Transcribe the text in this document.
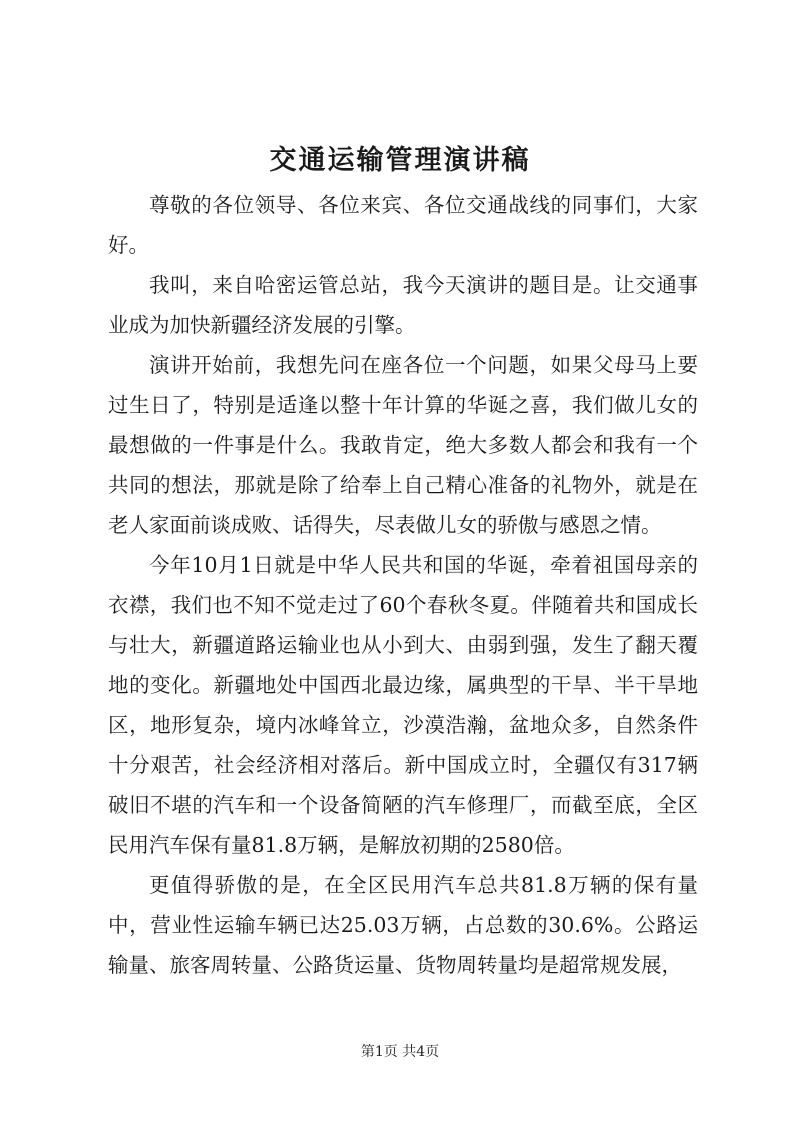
交通运输管理演讲稿

尊敬的各位领导、各位来宾、各位交通战线的同事们，大家好。

我叫，来自哈密运管总站，我今天演讲的题目是。让交通事业成为加快新疆经济发展的引擎。

演讲开始前，我想先问在座各位一个问题，如果父母马上要过生日了，特别是适逢以整十年计算的华诞之喜，我们做儿女的最想做的一件事是什么。我敢肯定，绝大多数人都会和我有一个共同的想法，那就是除了给奉上自己精心准备的礼物外，就是在老人家面前谈成败、话得失，尽表做儿女的骄傲与感恩之情。

今年10月1日就是中华人民共和国的华诞，牵着祖国母亲的衣襟，我们也不知不觉走过了60个春秋冬夏。伴随着共和国成长与壮大，新疆道路运输业也从小到大、由弱到强，发生了翻天覆地的变化。新疆地处中国西北最边缘，属典型的干旱、半干旱地区，地形复杂，境内冰峰耸立，沙漠浩瀚，盆地众多，自然条件十分艰苦，社会经济相对落后。新中国成立时，全疆仅有317辆破旧不堪的汽车和一个设备简陋的汽车修理厂，而截至底，全区民用汽车保有量81.8万辆，是解放初期的2580倍。

更值得骄傲的是，在全区民用汽车总共81.8万辆的保有量中，营业性运输车辆已达25.03万辆，占总数的30.6%。公路运输量、旅客周转量、公路货运量、货物周转量均是超常规发展，

第1页 共4页
